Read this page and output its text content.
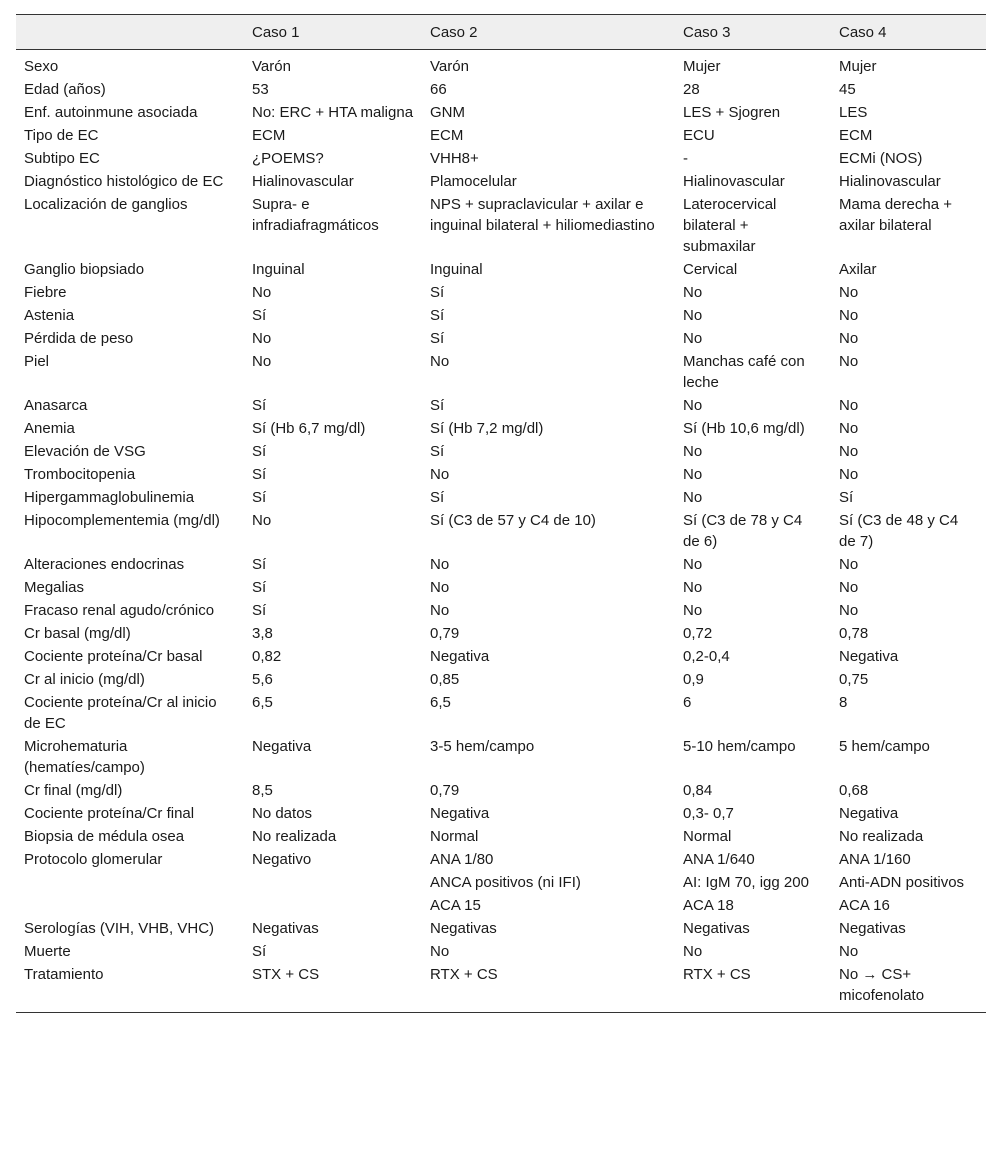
	Caso 1	Caso 2	Caso 3	Caso 4
Sexo	Varón	Varón	Mujer	Mujer
Edad (años)	53	66	28	45
Enf. autoinmune asociada	No: ERC + HTA maligna	GNM	LES + Sjogren	LES
Tipo de EC	ECM	ECM	ECU	ECM
Subtipo EC	¿POEMS?	VHH8+	-	ECMi (NOS)
Diagnóstico histológico de EC	Hialinovascular	Plamocelular	Hialinovascular	Hialinovascular
Localización de ganglios	Supra- e infradiafragmáticos	NPS + supraclavicular + axilar e inguinal bilateral + hiliomediastino	Laterocervical bilateral + submaxilar	Mama derecha + axilar bilateral
Ganglio biopsiado	Inguinal	Inguinal	Cervical	Axilar
Fiebre	No	Sí	No	No
Astenia	Sí	Sí	No	No
Pérdida de peso	No	Sí	No	No
Piel	No	No	Manchas café con leche	No
Anasarca	Sí	Sí	No	No
Anemia	Sí (Hb 6,7 mg/dl)	Sí (Hb 7,2 mg/dl)	Sí (Hb 10,6 mg/dl)	No
Elevación de VSG	Sí	Sí	No	No
Trombocitopenia	Sí	No	No	No
Hipergammaglobulinemia	Sí	Sí	No	Sí
Hipocomplementemia (mg/dl)	No	Sí (C3 de 57 y C4 de 10)	Sí (C3 de 78 y C4 de 6)	Sí (C3 de 48 y C4 de 7)
Alteraciones endocrinas	Sí	No	No	No
Megalias	Sí	No	No	No
Fracaso renal agudo/crónico	Sí	No	No	No
Cr basal (mg/dl)	3,8	0,79	0,72	0,78
Cociente proteína/Cr basal	0,82	Negativa	0,2-0,4	Negativa
Cr al inicio (mg/dl)	5,6	0,85	0,9	0,75
Cociente proteína/Cr al inicio de EC	6,5	6,5	6	8
Microhematuria (hematíes/campo)	Negativa	3-5 hem/campo	5-10 hem/campo	5 hem/campo
Cr final (mg/dl)	8,5	0,79	0,84	0,68
Cociente proteína/Cr final	No datos	Negativa	0,3- 0,7	Negativa
Biopsia de médula osea	No realizada	Normal	Normal	No realizada
Protocolo glomerular	Negativo	ANA 1/80	ANA 1/640	ANA 1/160
		ANCA positivos (ni IFI)	AI: IgM 70, igg 200	Anti-ADN positivos
		ACA 15	ACA 18	ACA 16
Serologías (VIH, VHB, VHC)	Negativas	Negativas	Negativas	Negativas
Muerte	Sí	No	No	No
Tratamiento	STX + CS	RTX + CS	RTX + CS	No → CS+ micofenolato
